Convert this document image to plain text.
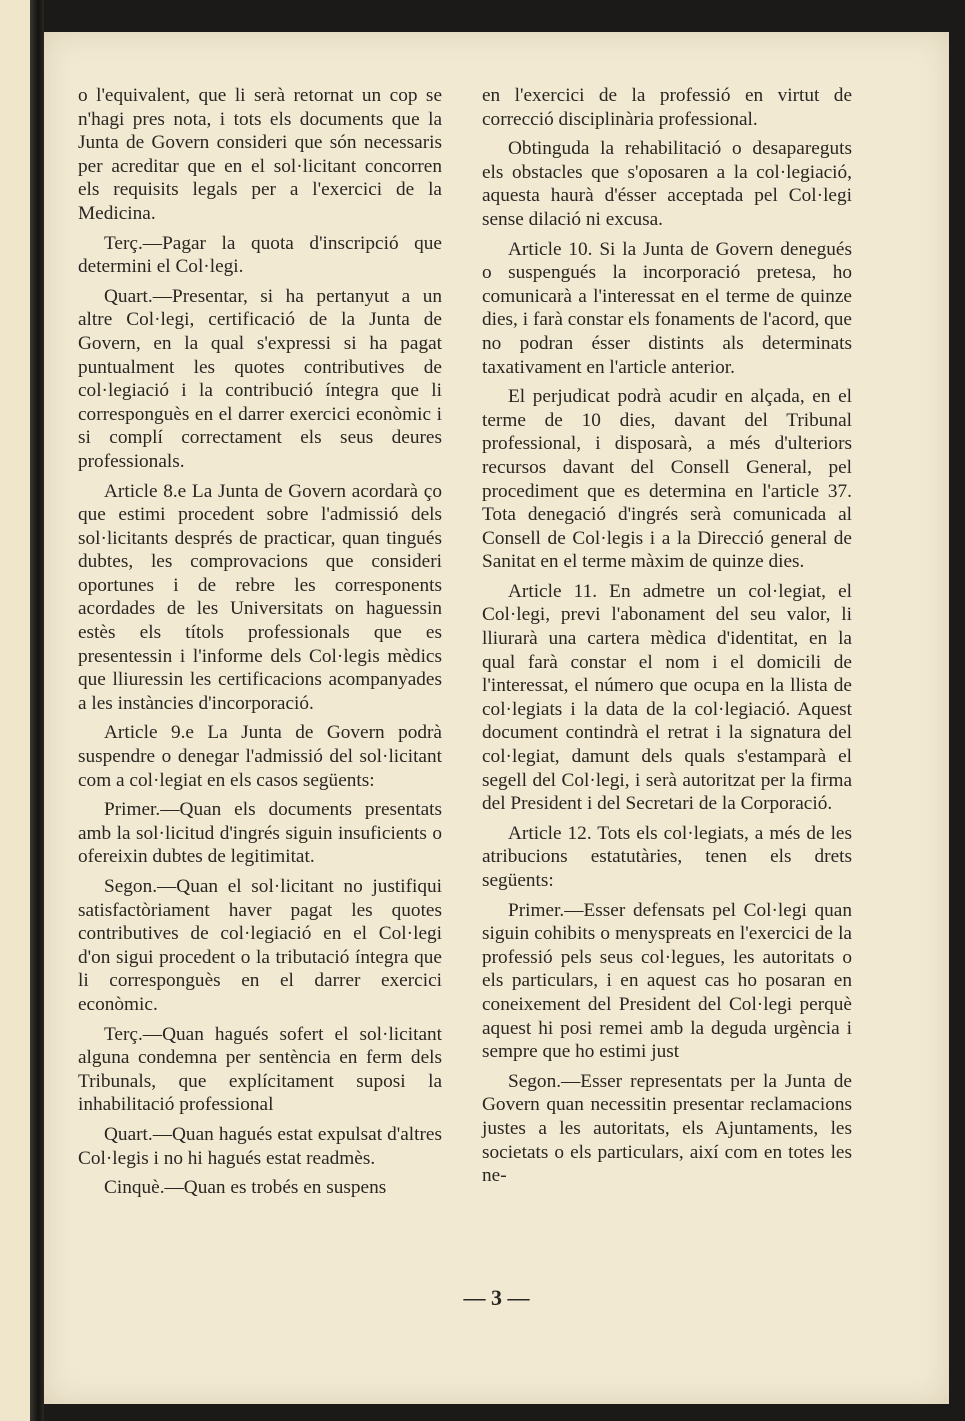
o l'equivalent, que li serà retornat un cop se n'hagi pres nota, i tots els documents que la Junta de Govern consideri que són necessaris per acreditar que en el sol·licitant concorren els requisits legals per a l'exercici de la Medicina.

Terç.—Pagar la quota d'inscripció que determini el Col·legi.

Quart.—Presentar, si ha pertanyut a un altre Col·legi, certificació de la Junta de Govern, en la qual s'expressi si ha pagat puntualment les quotes contributives de col·legiació i la contribució íntegra que li corresponguès en el darrer exercici econòmic i si complí correctament els seus deures professionals.

Article 8.e La Junta de Govern acordarà ço que estimi procedent sobre l'admissió dels sol·licitants després de practicar, quan tingués dubtes, les comprovacions que consideri oportunes i de rebre les corresponents acordades de les Universitats on haguessin estès els títols professionals que es presentessin i l'informe dels Col·legis mèdics que lliuressin les certificacions acompanyades a les instàncies d'incorporació.

Article 9.e La Junta de Govern podrà suspendre o denegar l'admissió del sol·licitant com a col·legiat en els casos següents:

Primer.—Quan els documents presentats amb la sol·licitud d'ingrés siguin insuficients o ofereixin dubtes de legitimitat.

Segon.—Quan el sol·licitant no justifiqui satisfactòriament haver pagat les quotes contributives de col·legiació en el Col·legi d'on sigui procedent o la tributació íntegra que li corresponguès en el darrer exercici econòmic.

Terç.—Quan hagués sofert el sol·licitant alguna condemna per sentència en ferm dels Tribunals, que explícitament suposi la inhabilitació professional

Quart.—Quan hagués estat expulsat d'altres Col·legis i no hi hagués estat readmès.

Cinquè.—Quan es trobés en suspens

en l'exercici de la professió en virtut de correcció disciplinària professional.

Obtinguda la rehabilitació o desapareguts els obstacles que s'oposaren a la col·legiació, aquesta haurà d'ésser acceptada pel Col·legi sense dilació ni excusa.

Article 10. Si la Junta de Govern denegués o suspengués la incorporació pretesa, ho comunicarà a l'interessat en el terme de quinze dies, i farà constar els fonaments de l'acord, que no podran ésser distints als determinats taxativament en l'article anterior.

El perjudicat podrà acudir en alçada, en el terme de 10 dies, davant del Tribunal professional, i disposarà, a més d'ulteriors recursos davant del Consell General, pel procediment que es determina en l'article 37. Tota denegació d'ingrés serà comunicada al Consell de Col·legis i a la Direcció general de Sanitat en el terme màxim de quinze dies.

Article 11. En admetre un col·legiat, el Col·legi, previ l'abonament del seu valor, li lliurarà una cartera mèdica d'identitat, en la qual farà constar el nom i el domicili de l'interessat, el número que ocupa en la llista de col·legiats i la data de la col·legiació. Aquest document contindrà el retrat i la signatura del col·legiat, damunt dels quals s'estamparà el segell del Col·legi, i serà autoritzat per la firma del President i del Secretari de la Corporació.

Article 12. Tots els col·legiats, a més de les atribucions estatutàries, tenen els drets següents:

Primer.—Esser defensats pel Col·legi quan siguin cohibits o menyspreats en l'exercici de la professió pels seus col·legues, les autoritats o els particulars, i en aquest cas ho posaran en coneixement del President del Col·legi perquè aquest hi posi remei amb la deguda urgència i sempre que ho estimi just

Segon.—Esser representats per la Junta de Govern quan necessitin presentar reclamacions justes a les autoritats, els Ajuntaments, les societats o els particulars, així com en totes les ne-

— 3 —
